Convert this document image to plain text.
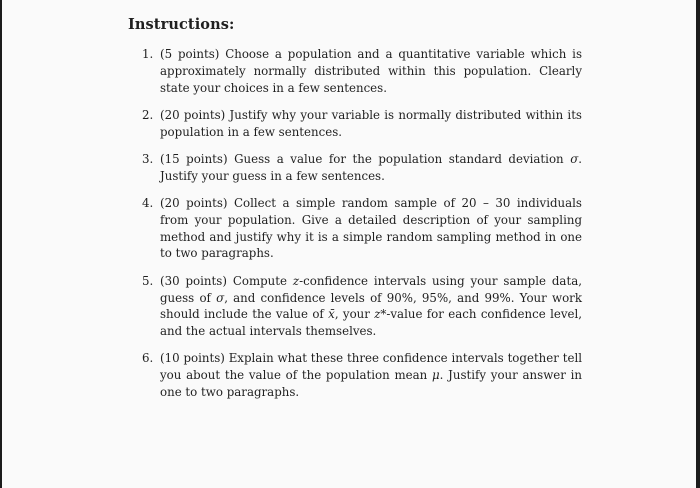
Instructions:
1. (5 points) Choose a population and a quantitative variable which is approximately normally distributed within this population. Clearly state your choices in a few sentences.
2. (20 points) Justify why your variable is normally distributed within its population in a few sentences.
3. (15 points) Guess a value for the population standard deviation σ. Justify your guess in a few sentences.
4. (20 points) Collect a simple random sample of 20 – 30 individuals from your population. Give a detailed description of your sampling method and justify why it is a simple random sampling method in one to two paragraphs.
5. (30 points) Compute z-confidence intervals using your sample data, guess of σ, and confidence levels of 90%, 95%, and 99%. Your work should include the value of x̄, your z*-value for each confidence level, and the actual intervals themselves.
6. (10 points) Explain what these three confidence intervals together tell you about the value of the population mean μ. Justify your answer in one to two paragraphs.
